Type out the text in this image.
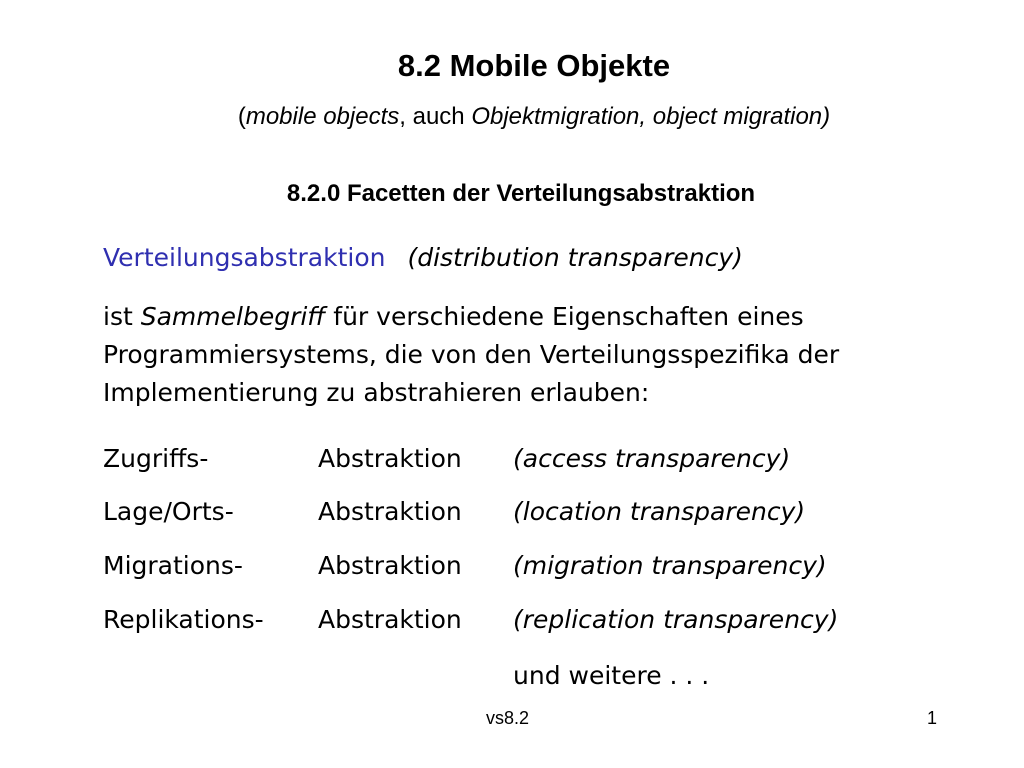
8.2 Mobile Objekte

(mobile objects, auch Objektmigration, object migration)

8.2.0 Facetten der Verteilungsabstraktion
Verteilungsabstraktion (distribution transparency)
ist Sammelbegriff für verschiedene Eigenschaften eines Programmiersystems, die von den Verteilungsspezifika der Implementierung zu abstrahieren erlauben:
Zugriffs-	Abstraktion (access transparency)
Lage/Orts-	Abstraktion (location transparency)
Migrations-	Abstraktion (migration transparency)
Replikations- Abstraktion (replication transparency)
und weitere . . .
vs8.2	1
